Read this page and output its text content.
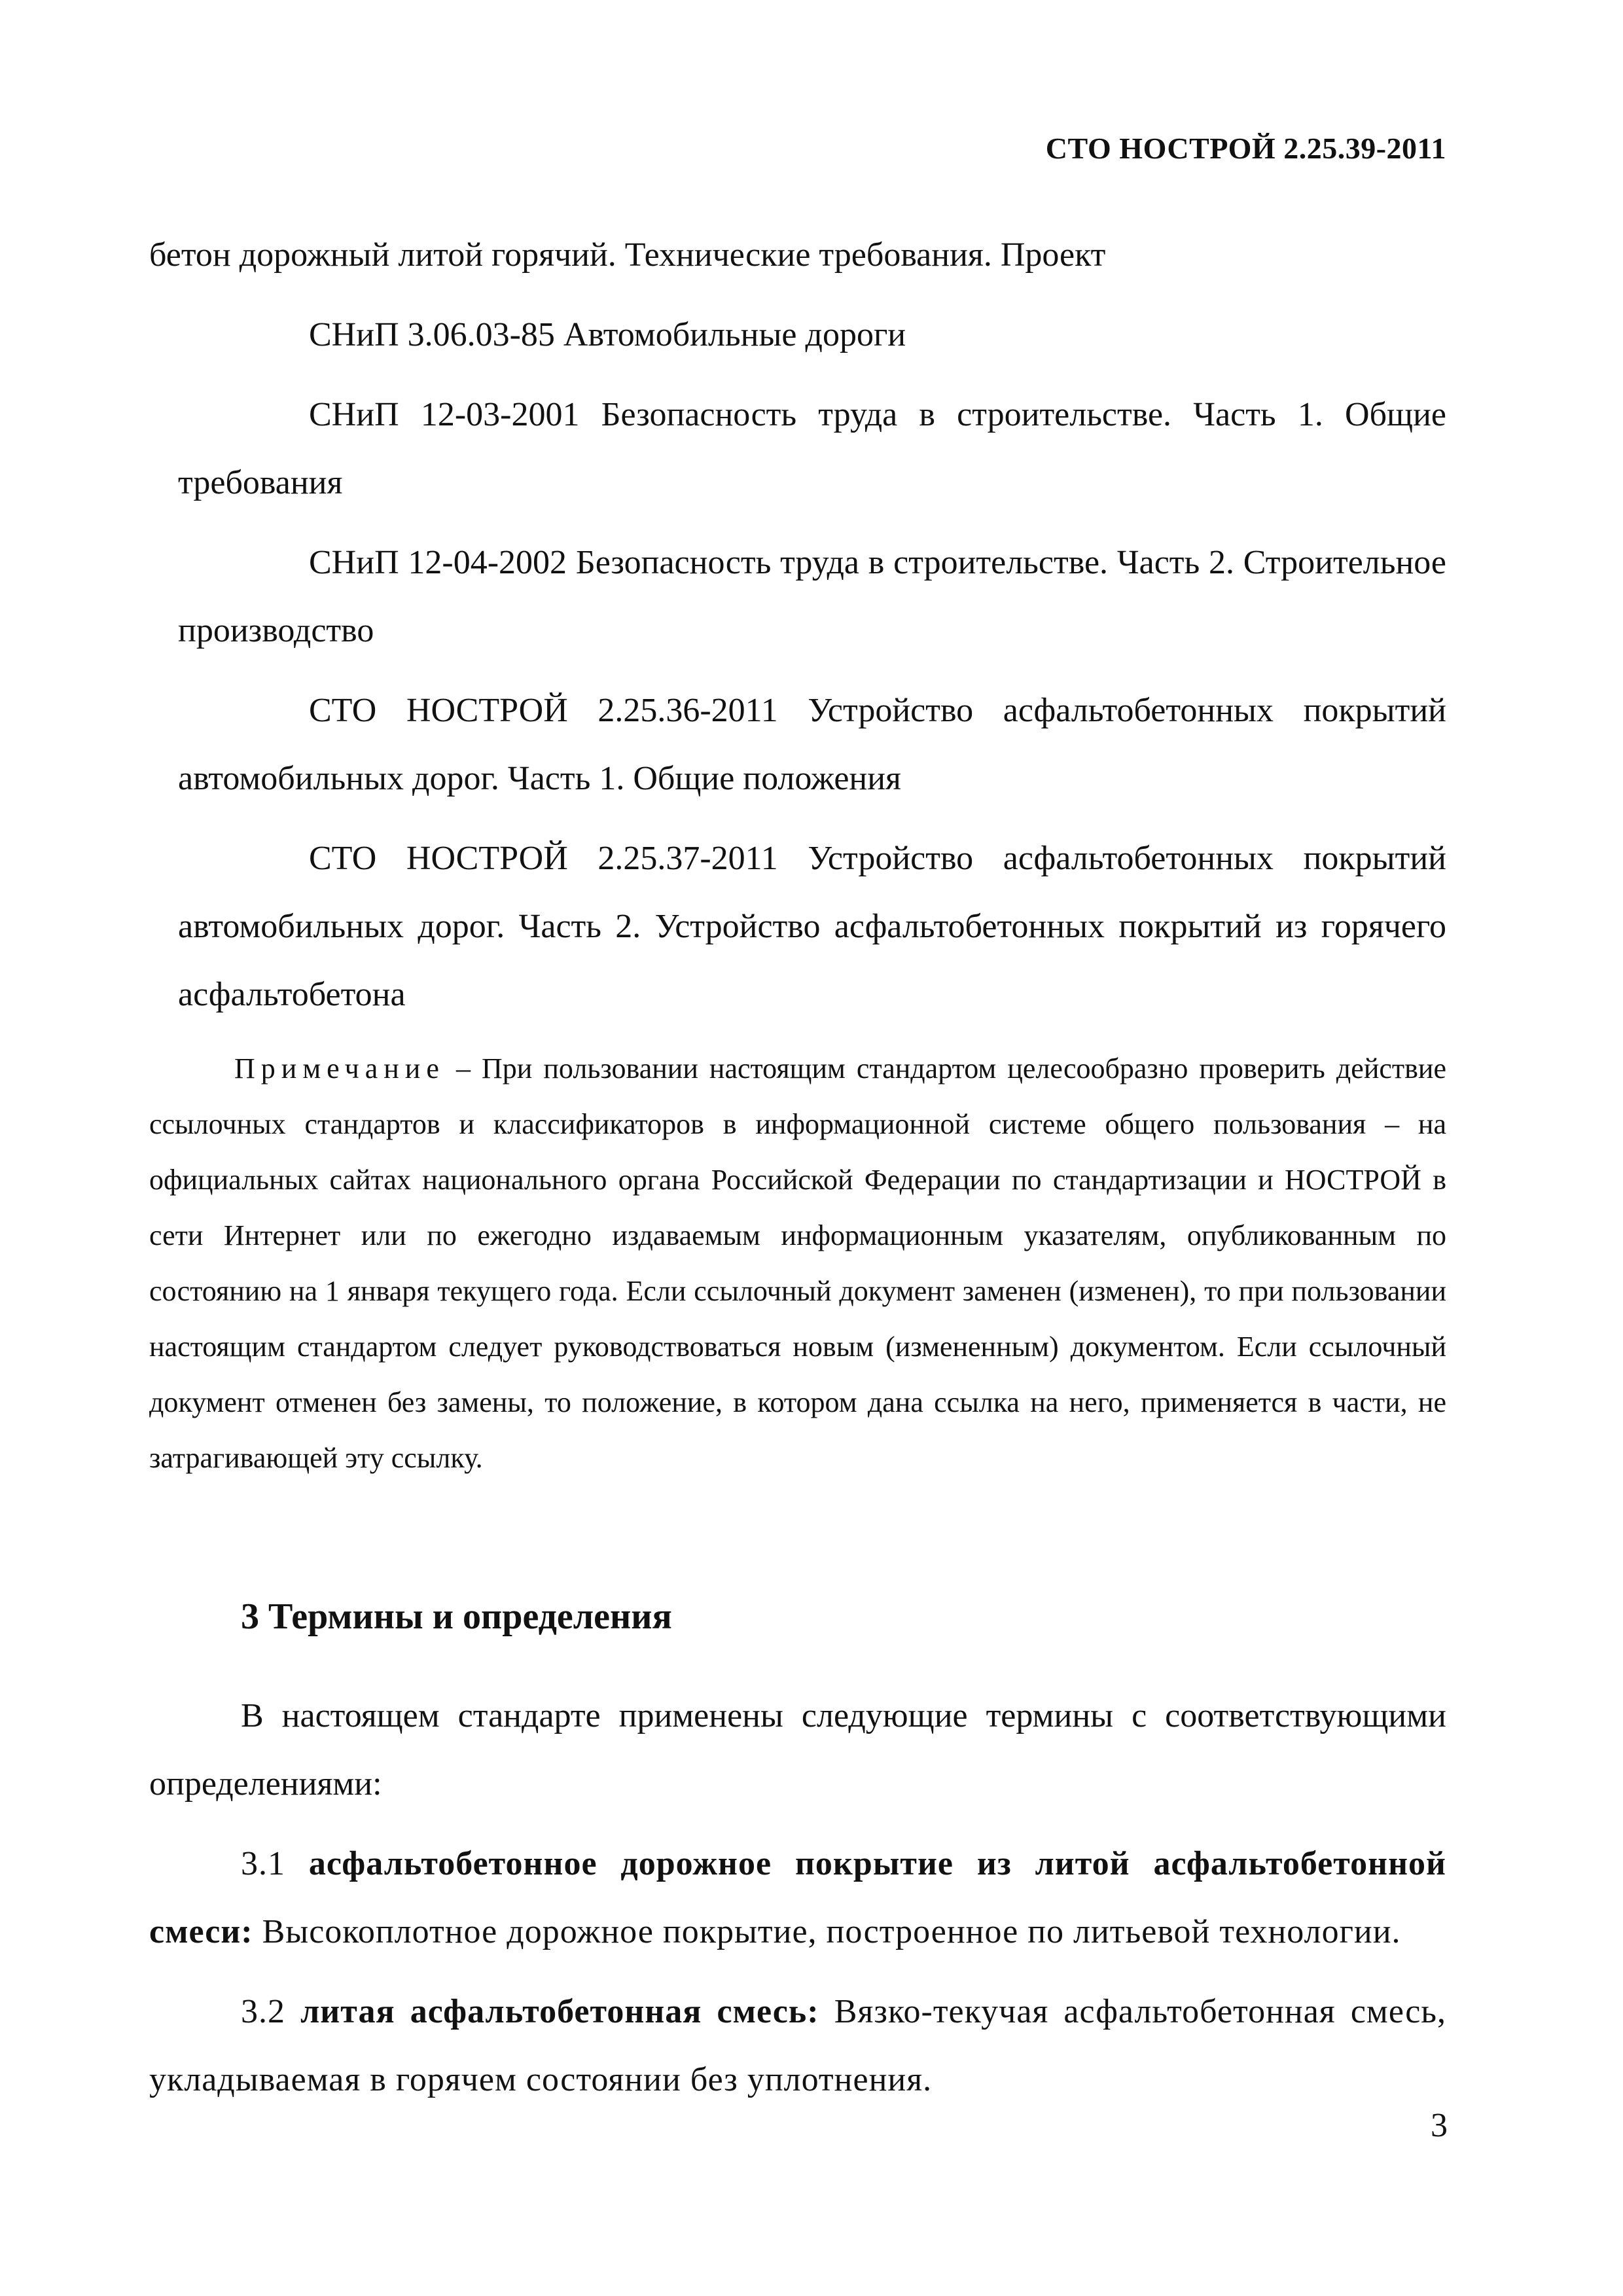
СТО НОСТРОЙ 2.25.39-2011

бетон дорожный литой горячий. Технические требования. Проект

СНиП 3.06.03-85 Автомобильные дороги

СНиП 12-03-2001 Безопасность труда в строительстве. Часть 1. Общие требования

СНиП 12-04-2002 Безопасность труда в строительстве. Часть 2. Строительное производство

СТО НОСТРОЙ 2.25.36-2011 Устройство асфальтобетонных покрытий автомобильных дорог. Часть 1. Общие положения

СТО НОСТРОЙ 2.25.37-2011 Устройство асфальтобетонных покрытий автомобильных дорог. Часть 2. Устройство асфальтобетонных покрытий из горячего асфальтобетона

Примечание – При пользовании настоящим стандартом целесообразно проверить действие ссылочных стандартов и классификаторов в информационной системе общего пользования – на официальных сайтах национального органа Российской Федерации по стандартизации и НОСТРОЙ в сети Интернет или по ежегодно издаваемым информационным указателям, опубликованным по состоянию на 1 января текущего года. Если ссылочный документ заменен (изменен), то при пользовании настоящим стандартом следует руководствоваться новым (измененным) документом. Если ссылочный документ отменен без замены, то положение, в котором дана ссылка на него, применяется в части, не затрагивающей эту ссылку.

3 Термины и определения

В настоящем стандарте применены следующие термины с соответствующими определениями:

3.1 асфальтобетонное дорожное покрытие из литой асфальтобетонной смеси: Высокоплотное дорожное покрытие, построенное по литьевой технологии.

3.2 литая асфальтобетонная смесь: Вязко-текучая асфальтобетонная смесь, укладываемая в горячем состоянии без уплотнения.

3
